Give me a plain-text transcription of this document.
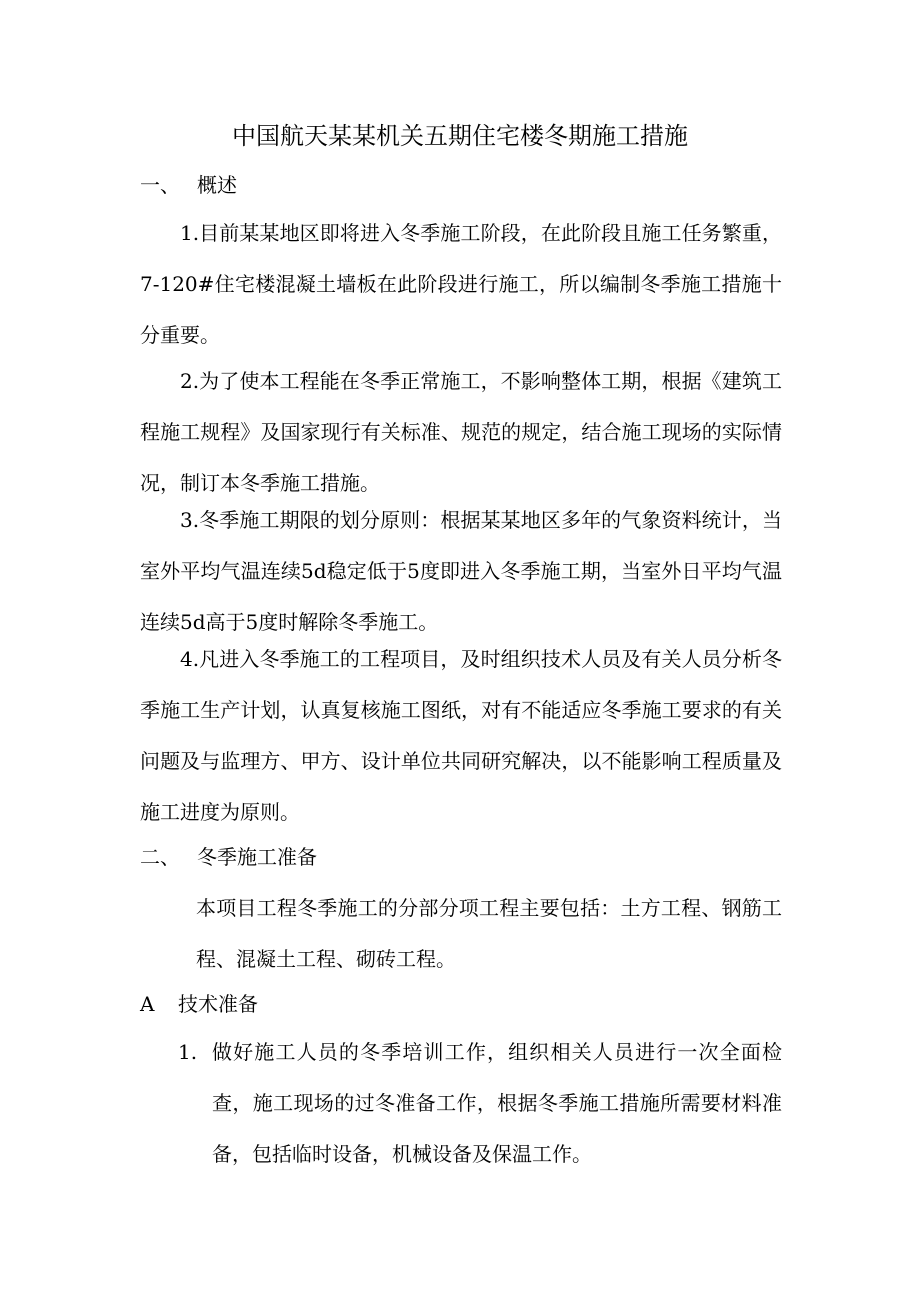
中国航天某某机关五期住宅楼冬期施工措施
一、 概述

1.目前某某地区即将进入冬季施工阶段，在此阶段且施工任务繁重，7-120#住宅楼混凝土墙板在此阶段进行施工，所以编制冬季施工措施十分重要。

2.为了使本工程能在冬季正常施工，不影响整体工期，根据《建筑工程施工规程》及国家现行有关标准、规范的规定，结合施工现场的实际情况，制订本冬季施工措施。

3.冬季施工期限的划分原则：根据某某地区多年的气象资料统计，当室外平均气温连续5d稳定低于5度即进入冬季施工期，当室外日平均气温连续5d高于5度时解除冬季施工。

4.凡进入冬季施工的工程项目，及时组织技术人员及有关人员分析冬季施工生产计划，认真复核施工图纸，对有不能适应冬季施工要求的有关问题及与监理方、甲方、设计单位共同研究解决，以不能影响工程质量及施工进度为原则。

二、 冬季施工准备

本项目工程冬季施工的分部分项工程主要包括：土方工程、钢筋工程、混凝土工程、砌砖工程。

A 技术准备
1. 做好施工人员的冬季培训工作，组织相关人员进行一次全面检查，施工现场的过冬准备工作，根据冬季施工措施所需要材料准备，包括临时设备，机械设备及保温工作。
